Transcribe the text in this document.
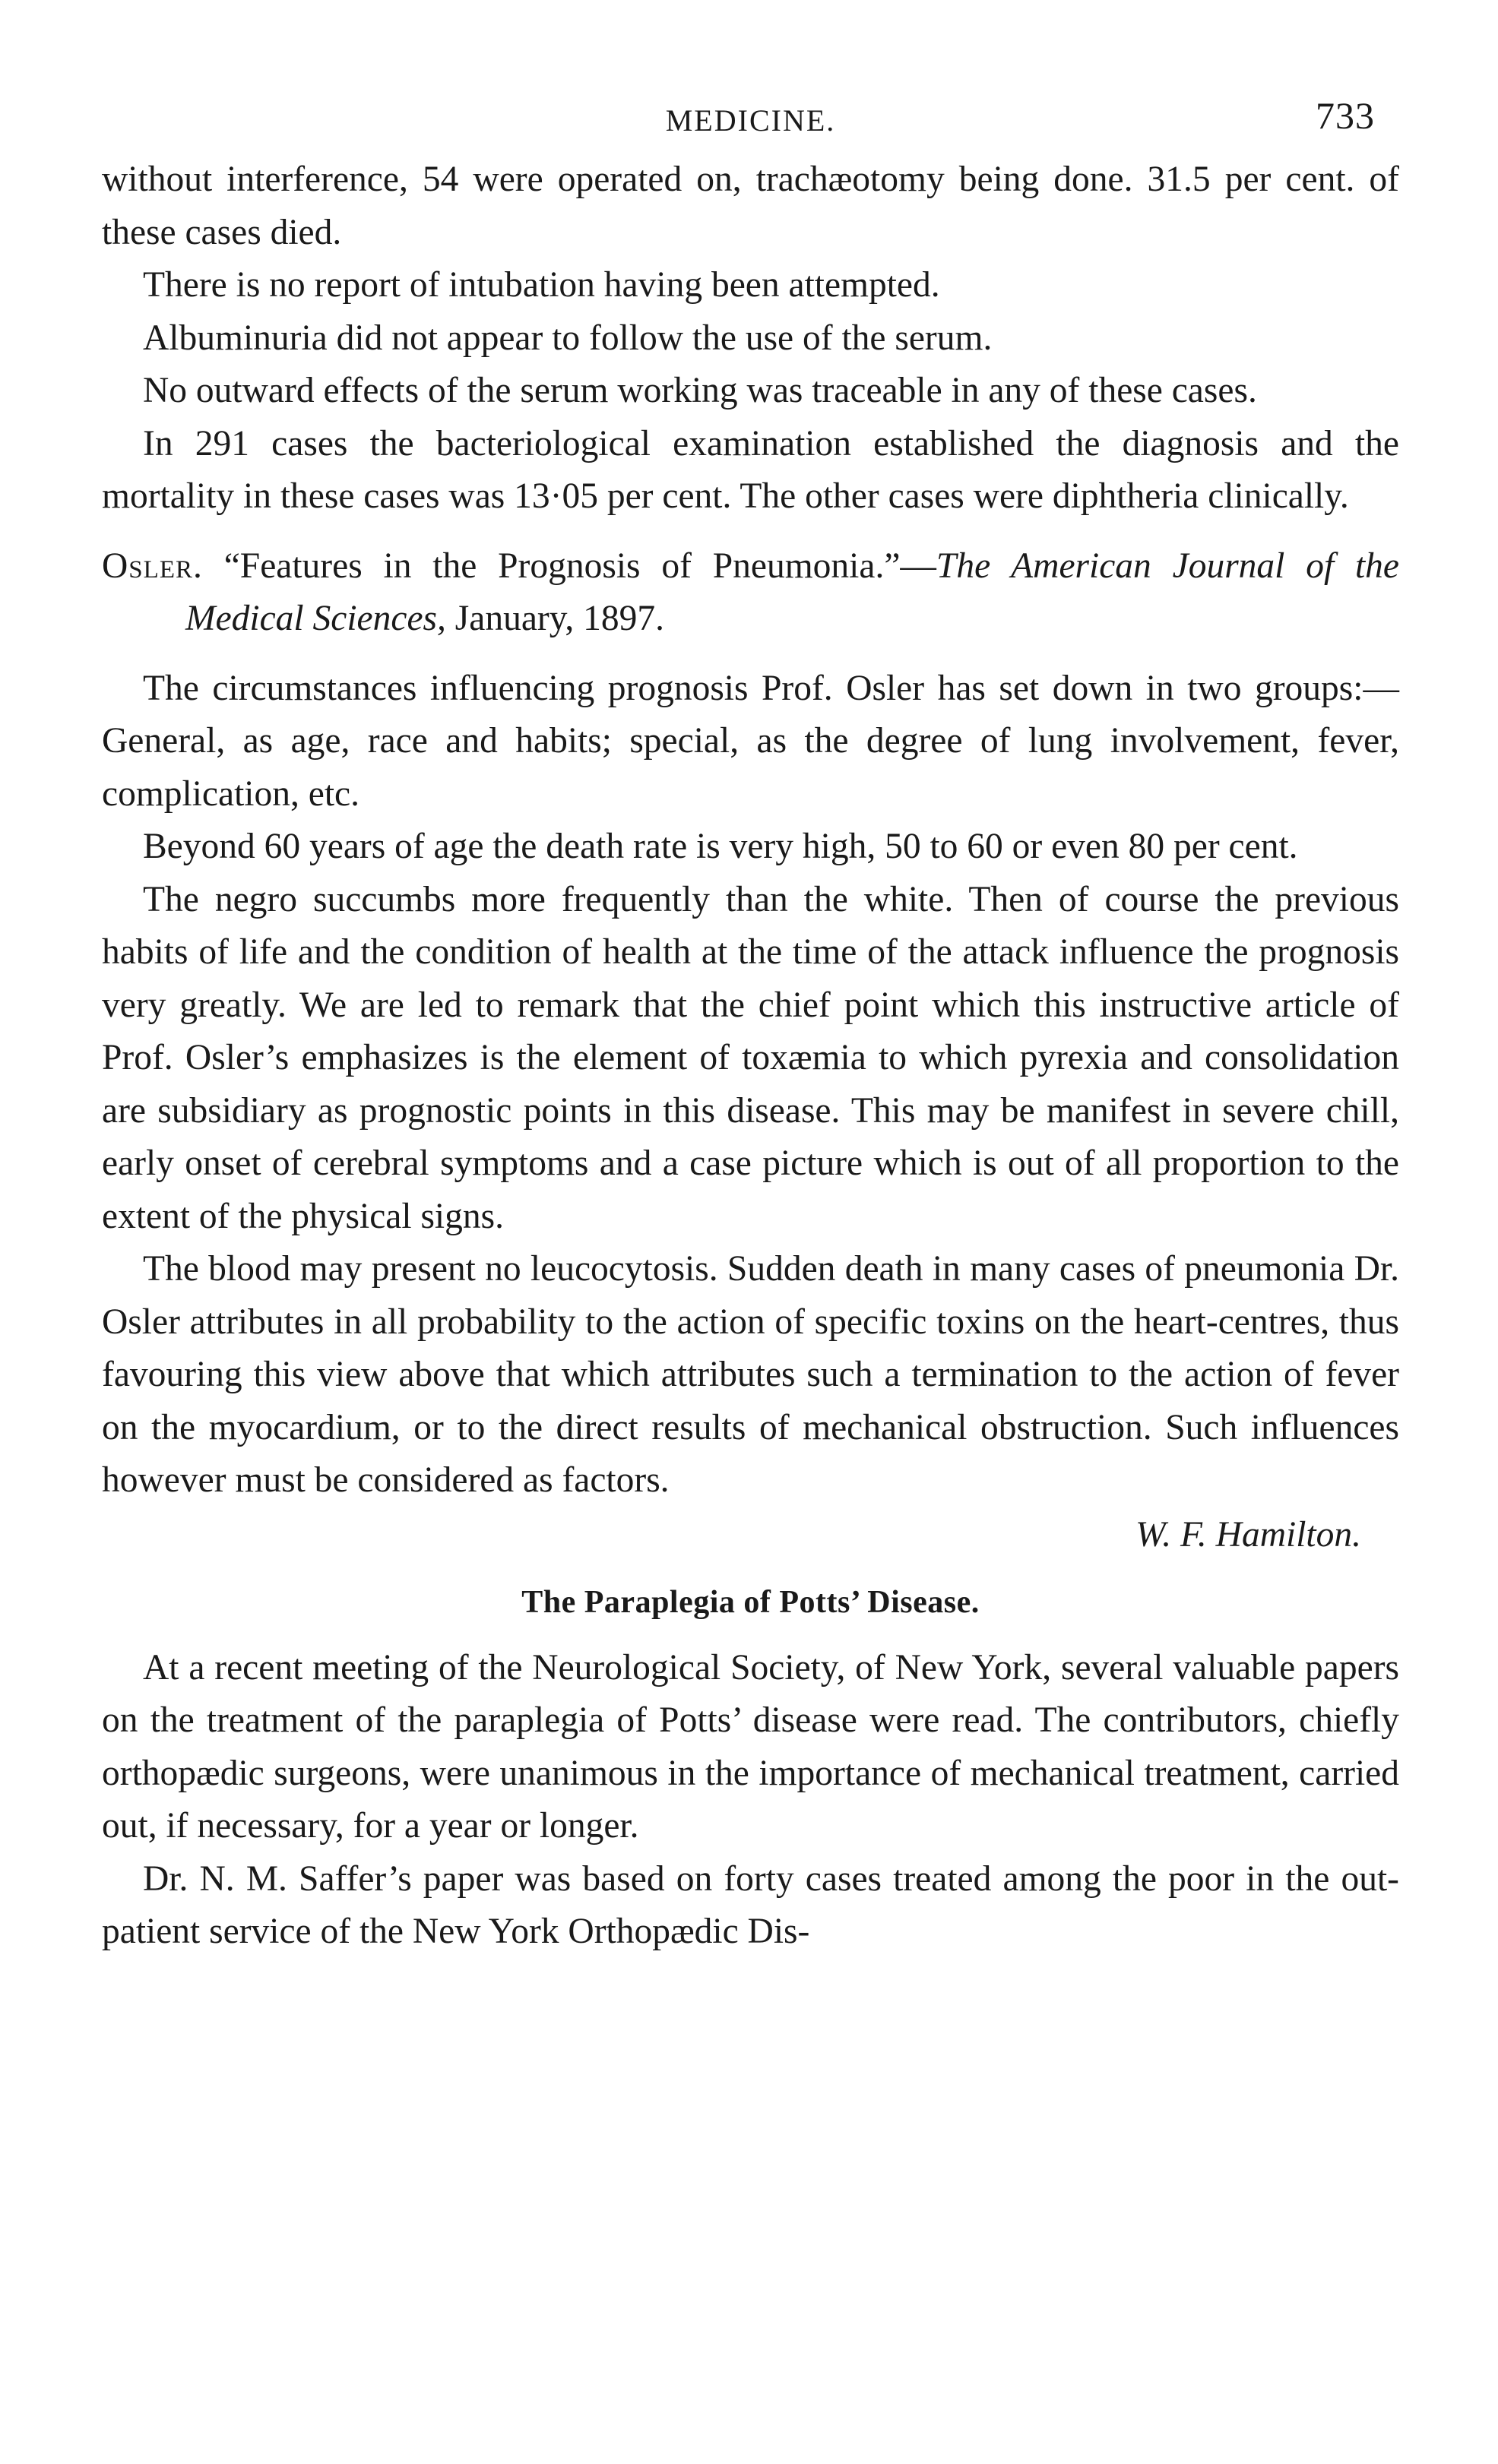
MEDICINE.	733

without interference, 54 were operated on, trachæotomy being done. 31.5 per cent. of these cases died.

There is no report of intubation having been attempted.

Albuminuria did not appear to follow the use of the serum.

No outward effects of the serum working was traceable in any of these cases.

In 291 cases the bacteriological examination established the diagnosis and the mortality in these cases was 13·05 per cent. The other cases were diphtheria clinically.

Osler. “Features in the Prognosis of Pneumonia.”—The American Journal of the Medical Sciences, January, 1897.

The circumstances influencing prognosis Prof. Osler has set down in two groups:—General, as age, race and habits; special, as the degree of lung involvement, fever, complication, etc.

Beyond 60 years of age the death rate is very high, 50 to 60 or even 80 per cent.

The negro succumbs more frequently than the white. Then of course the previous habits of life and the condition of health at the time of the attack influence the prognosis very greatly. We are led to remark that the chief point which this instructive article of Prof. Osler’s emphasizes is the element of toxæmia to which pyrexia and consolidation are subsidiary as prognostic points in this disease. This may be manifest in severe chill, early onset of cerebral symptoms and a case picture which is out of all proportion to the extent of the physical signs.

The blood may present no leucocytosis. Sudden death in many cases of pneumonia Dr. Osler attributes in all probability to the action of specific toxins on the heart-centres, thus favouring this view above that which attributes such a termination to the action of fever on the myocardium, or to the direct results of mechanical obstruction. Such influences however must be considered as factors.

W. F. Hamilton.

The Paraplegia of Potts’ Disease.

At a recent meeting of the Neurological Society, of New York, several valuable papers on the treatment of the paraplegia of Potts’ disease were read. The contributors, chiefly orthopædic surgeons, were unanimous in the importance of mechanical treatment, carried out, if necessary, for a year or longer.

Dr. N. M. Saffer’s paper was based on forty cases treated among the poor in the out-patient service of the New York Orthopædic Dis-
